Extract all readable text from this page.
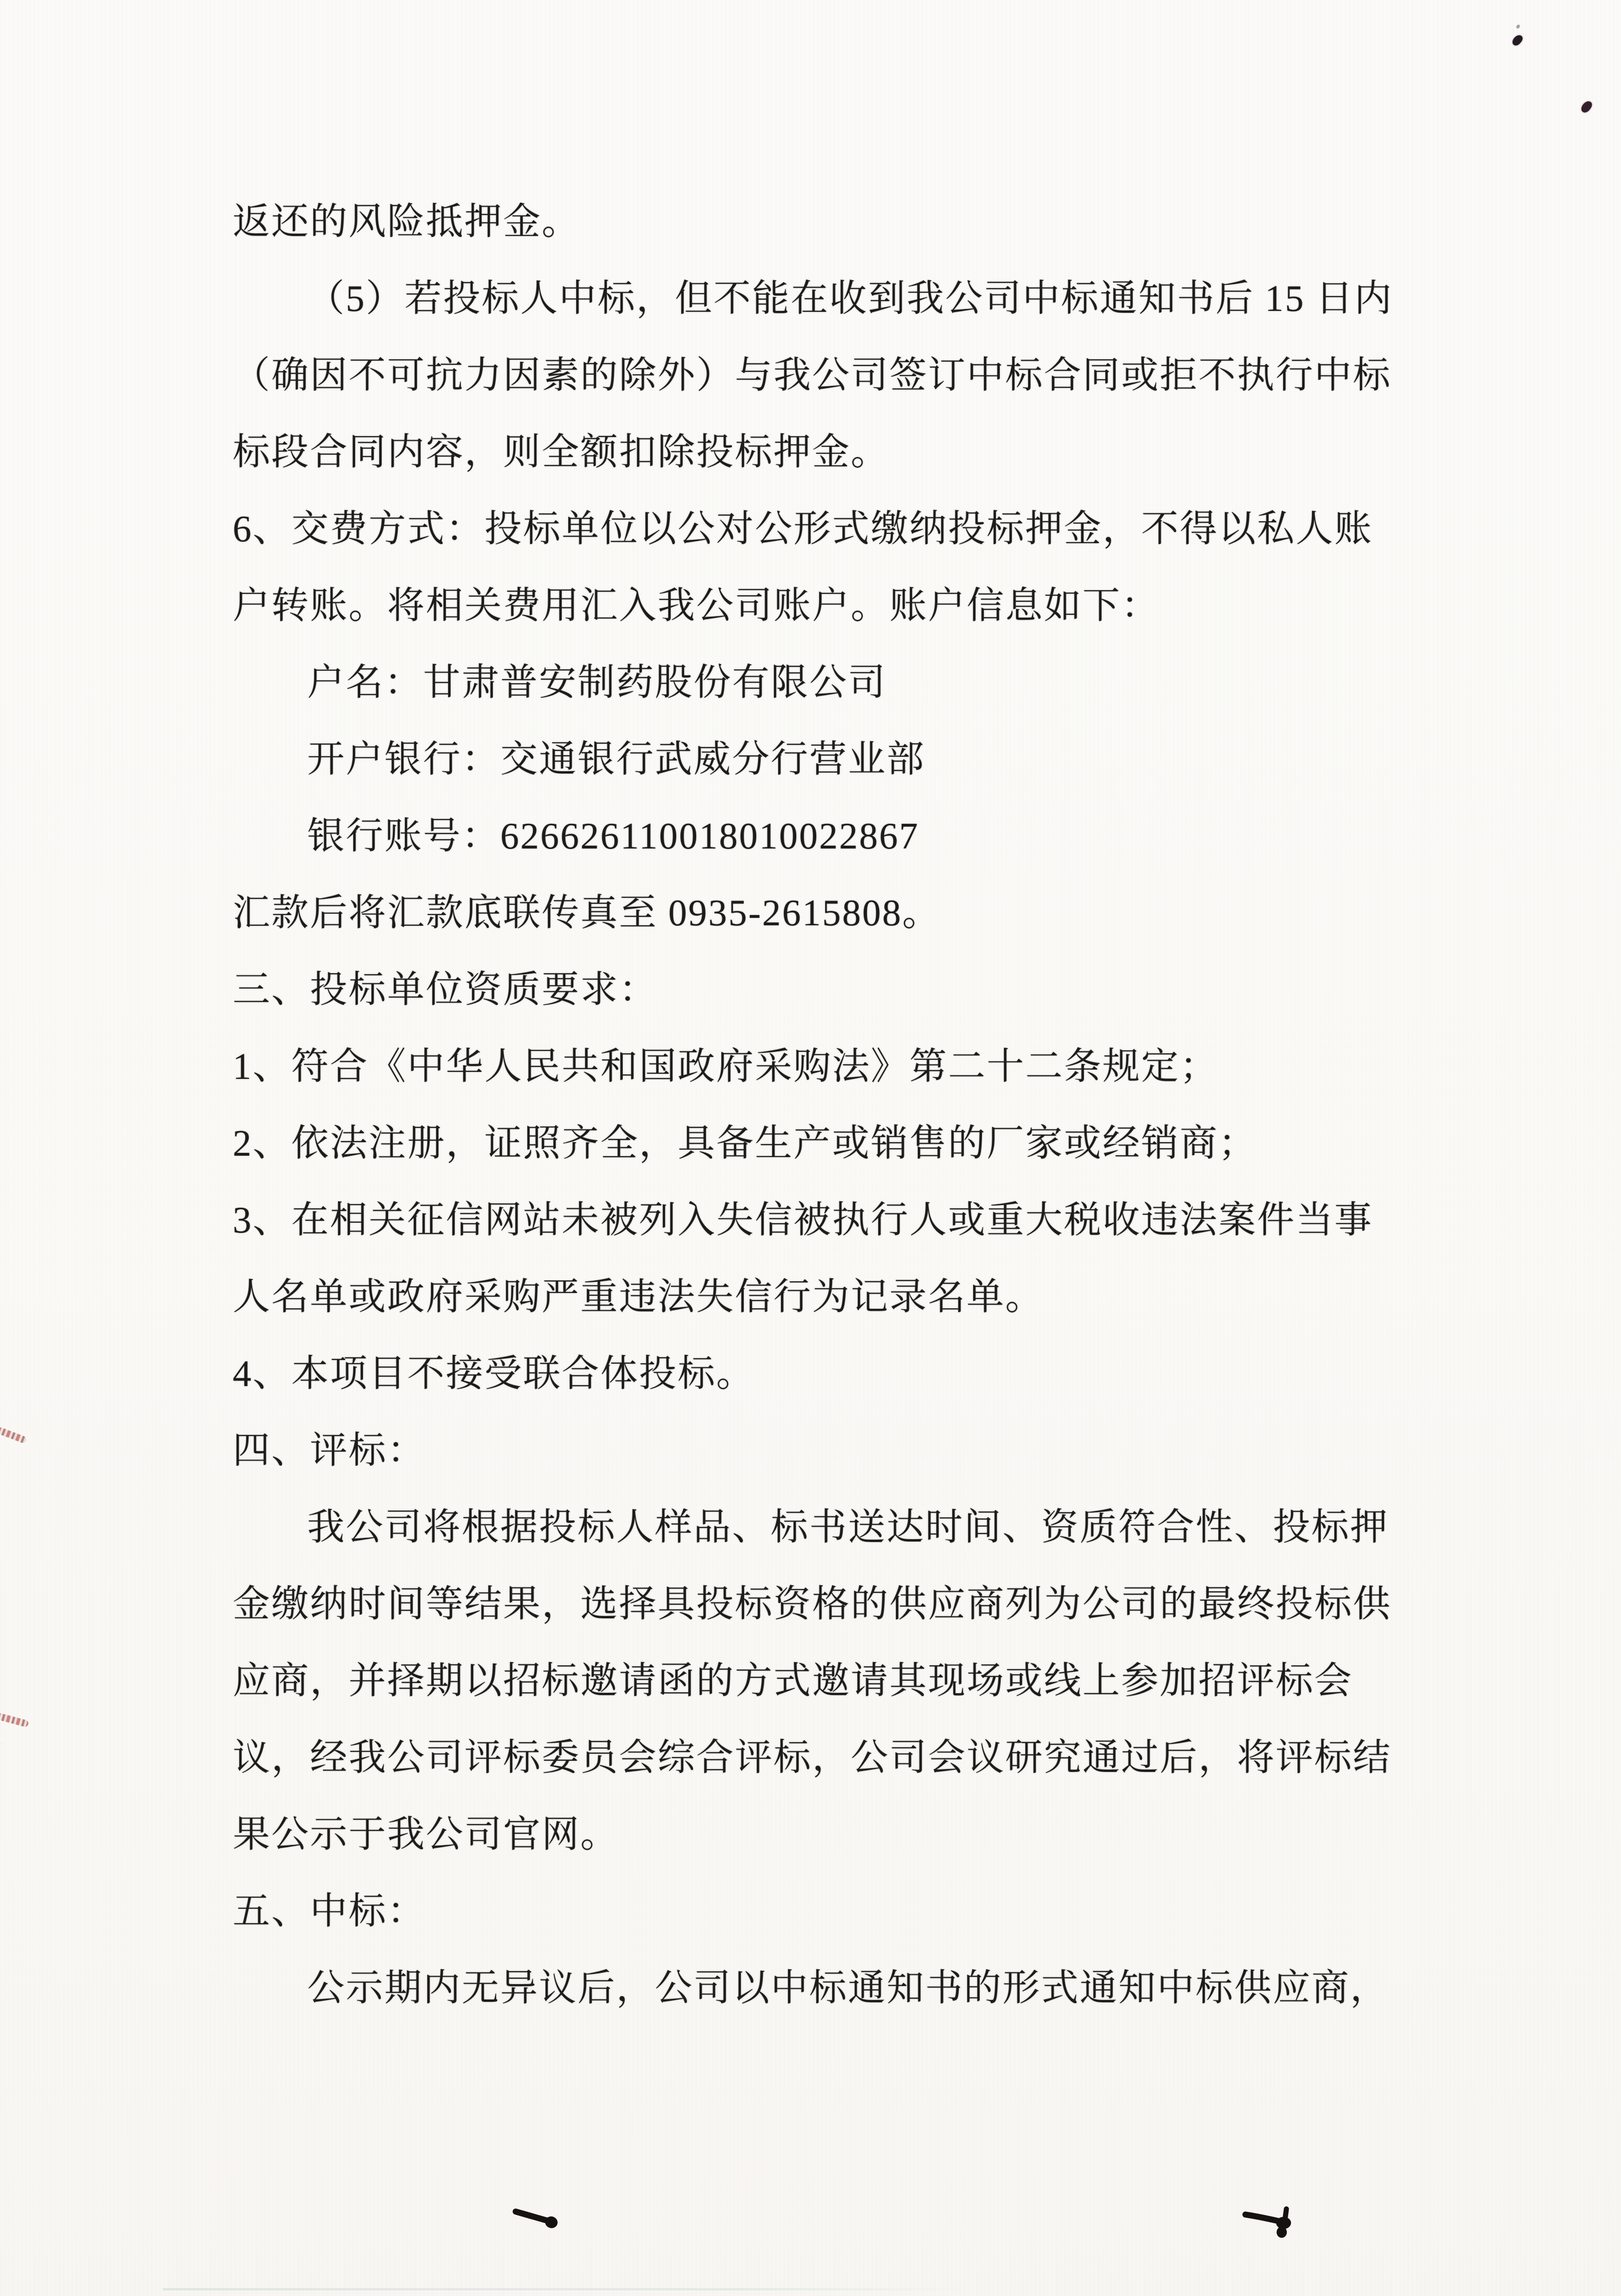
返还的风险抵押金。
（5）若投标人中标，但不能在收到我公司中标通知书后 15 日内
（确因不可抗力因素的除外）与我公司签订中标合同或拒不执行中标
标段合同内容，则全额扣除投标押金。
6、交费方式：投标单位以公对公形式缴纳投标押金，不得以私人账
户转账。将相关费用汇入我公司账户。账户信息如下：
户名：甘肃普安制药股份有限公司
开户银行：交通银行武威分行营业部
银行账号：626626110018010022867
汇款后将汇款底联传真至 0935-2615808。
三、投标单位资质要求：
1、符合《中华人民共和国政府采购法》第二十二条规定；
2、依法注册，证照齐全，具备生产或销售的厂家或经销商；
3、在相关征信网站未被列入失信被执行人或重大税收违法案件当事
人名单或政府采购严重违法失信行为记录名单。
4、本项目不接受联合体投标。
四、评标：
我公司将根据投标人样品、标书送达时间、资质符合性、投标押
金缴纳时间等结果，选择具投标资格的供应商列为公司的最终投标供
应商，并择期以招标邀请函的方式邀请其现场或线上参加招评标会
议，经我公司评标委员会综合评标，公司会议研究通过后，将评标结
果公示于我公司官网。
五、中标：
公示期内无异议后，公司以中标通知书的形式通知中标供应商，
